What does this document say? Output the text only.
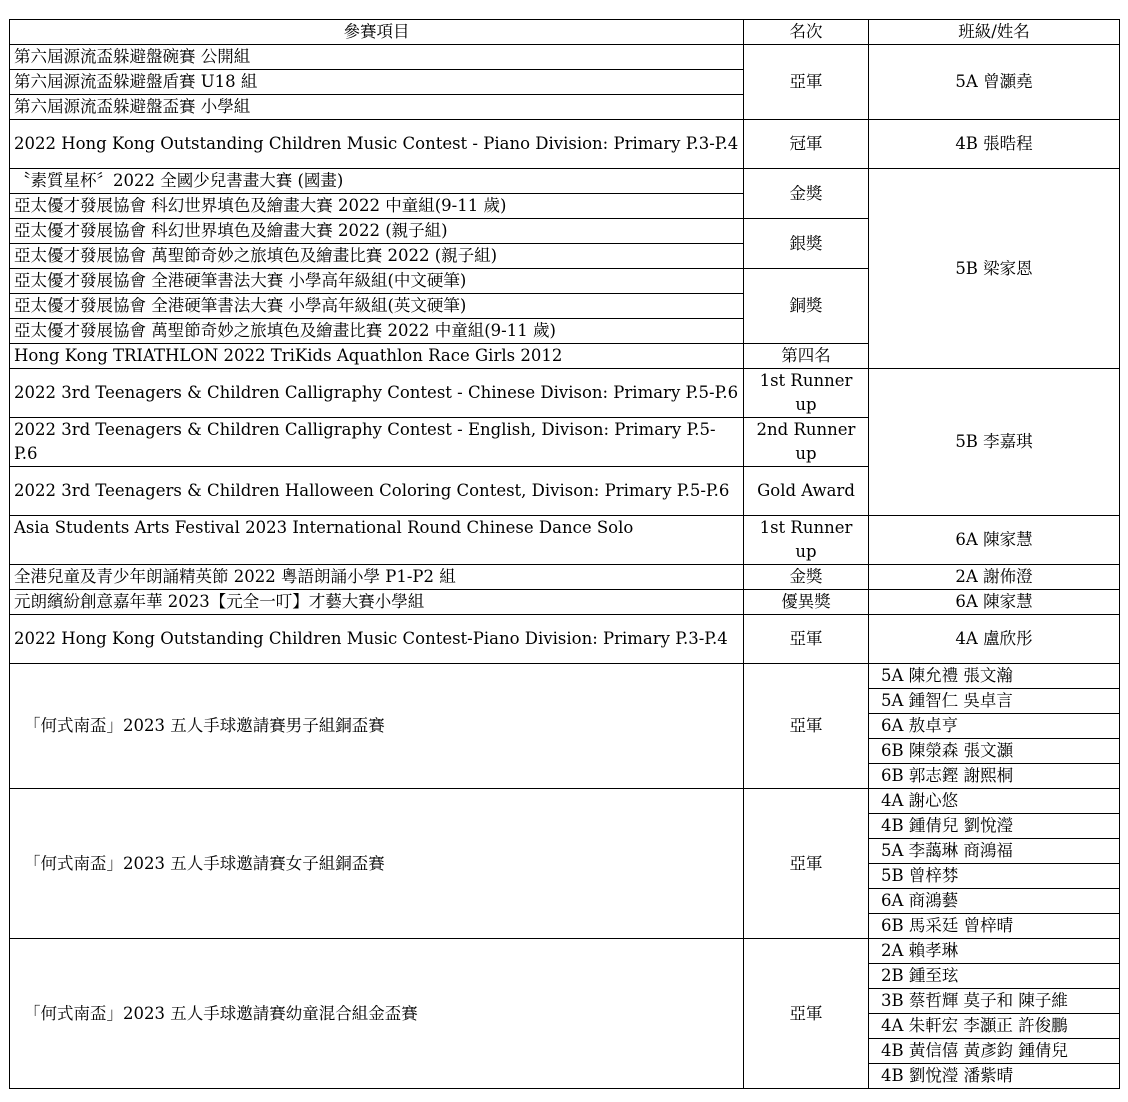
參賽項目	名次	班級/姓名
第六屆源流盃躲避盤碗賽 公開組	亞軍	5A 曾灝堯
第六屆源流盃躲避盤盾賽 U18 組		
第六屆源流盃躲避盤盃賽 小學組		
2022 Hong Kong Outstanding Children Music Contest - Piano Division: Primary P.3-P.4	冠軍	4B 張晧程
〝素質星杯〞2022 全國少兒書畫大賽 (國畫)	金獎	5B 梁家恩
亞太優才發展協會 科幻世界填色及繪畫大賽 2022 中童組(9-11 歲)		
亞太優才發展協會 科幻世界填色及繪畫大賽 2022 (親子組)	銀獎	
亞太優才發展協會 萬聖節奇妙之旅填色及繪畫比賽 2022 (親子組)		
亞太優才發展協會 全港硬筆書法大賽 小學高年級組(中文硬筆)	銅獎	
亞太優才發展協會 全港硬筆書法大賽 小學高年級組(英文硬筆)		
亞太優才發展協會 萬聖節奇妙之旅填色及繪畫比賽 2022 中童組(9-11 歲)		
Hong Kong TRIATHLON 2022 TriKids Aquathlon Race Girls 2012	第四名	
2022 3rd Teenagers & Children Calligraphy Contest - Chinese Divison: Primary P.5-P.6	1st Runner up	5B 李嘉琪
2022 3rd Teenagers & Children Calligraphy Contest - English, Divison: Primary P.5-P.6	2nd Runner up	
2022 3rd Teenagers & Children Halloween Coloring Contest, Divison: Primary P.5-P.6	Gold Award	
Asia Students Arts Festival 2023 International Round Chinese Dance Solo	1st Runner up	6A 陳家慧
全港兒童及青少年朗誦精英節 2022 粵語朗誦小學 P1-P2 組	金獎	2A 謝佈澄
元朗繽紛創意嘉年華 2023【元全一叮】才藝大賽小學組	優異獎	6A 陳家慧
2022 Hong Kong Outstanding Children Music Contest-Piano Division: Primary P.3-P.4	亞軍	4A 盧欣彤
「何式南盃」2023 五人手球邀請賽男子組銅盃賽	亞軍	5A 陳允禮 張文瀚
		5A 鍾智仁 吳卓言
		6A 敖卓亨
		6B 陳滎森 張文灝
		6B 郭志鏗 謝熙桐
「何式南盃」2023 五人手球邀請賽女子組銅盃賽	亞軍	4A 謝心悠
		4B 鍾倩兒 劉悅瀅
		5A 李藹琳 商鴻福
		5B 曾梓棼
		6A 商鴻藝
		6B 馬采廷 曾梓晴
「何式南盃」2023 五人手球邀請賽幼童混合組金盃賽	亞軍	2A 賴孝琳
		2B 鍾至玹
		3B 蔡哲輝 莫子和 陳子維
		4A 朱軒宏 李灝正 許俊鵬
		4B 黃信僖 黃彥鈞 鍾倩兒
		4B 劉悅瀅 潘紫晴
